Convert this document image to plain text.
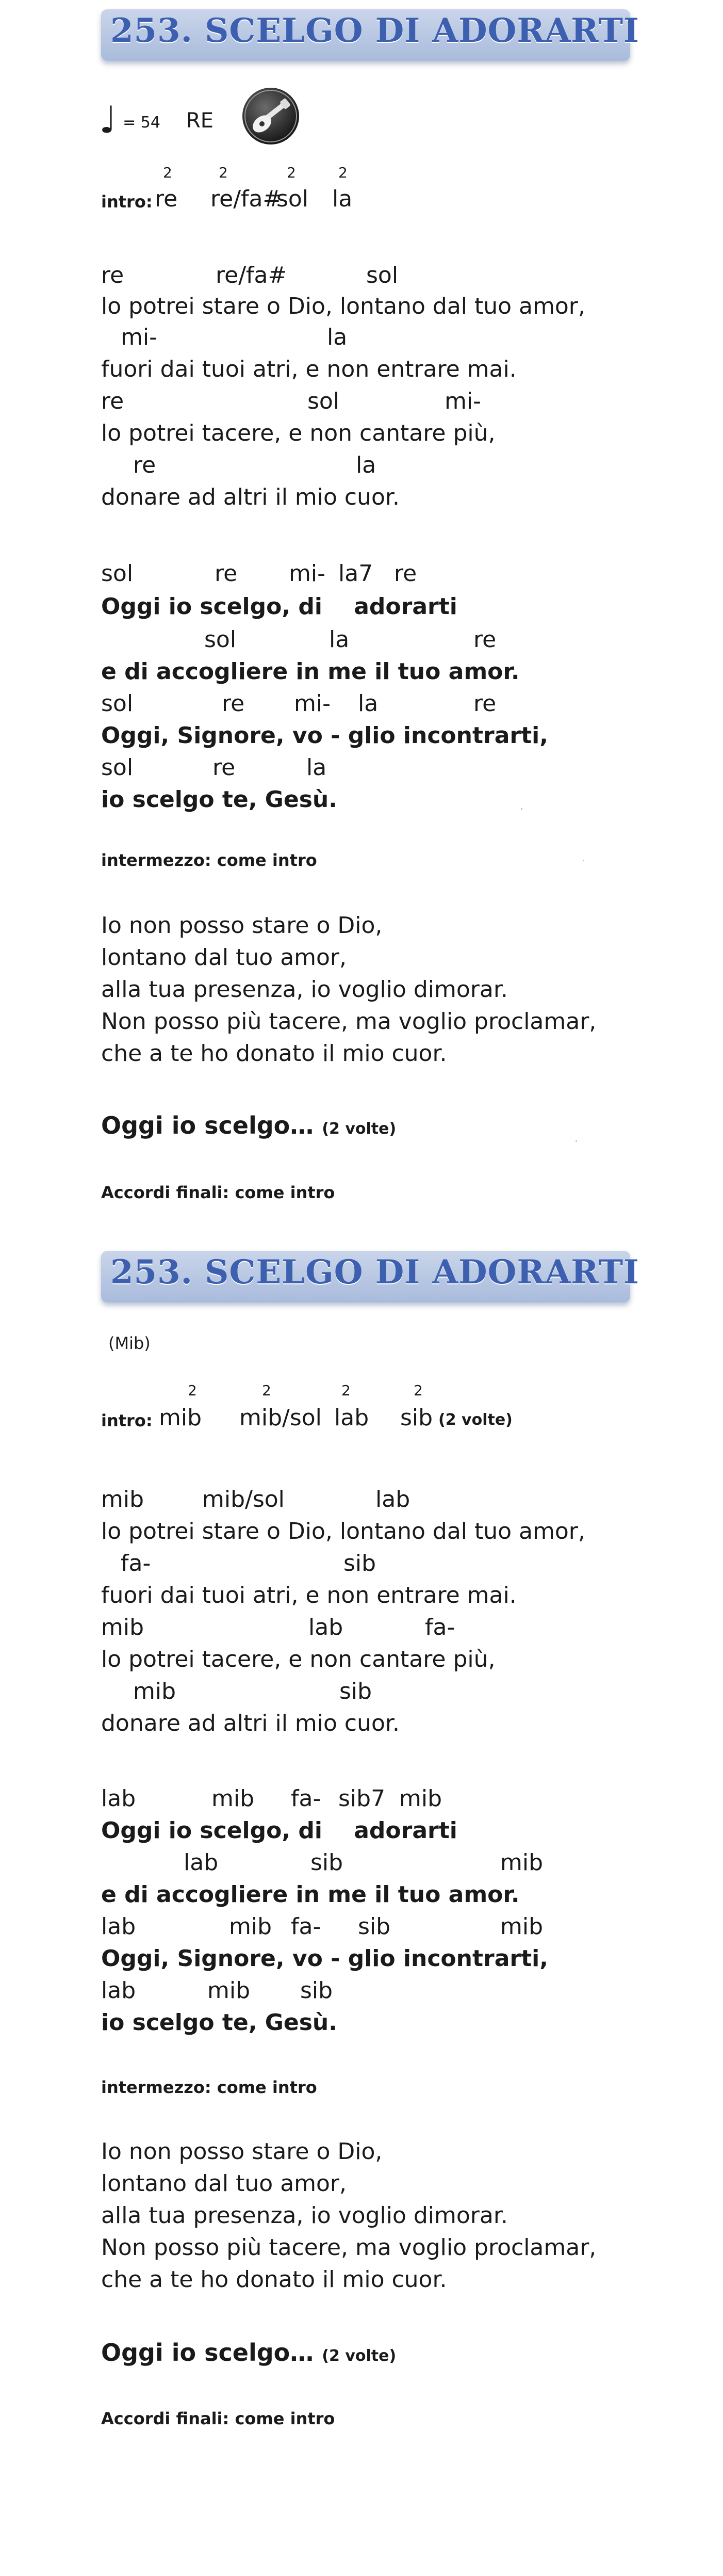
253. SCELGO DI ADORARTI
♩ = 54 RE
2	2	2	2
intro: re re/fa#
sol la
re	re/fa#	sol
lo potrei stare o Dio, lontano dal tuo amor,
mi-	la
fuori dai tuoi atri, e non entrare mai.
re	sol	mi-
lo potrei tacere, e non cantare più,
re	la
donare ad altri il mio cuor.
sol	re mi- la7 re
Oggi io scelgo, di    adorarti
sol	la	re
e di accogliere in me il tuo amor.
sol	re mi- la	re
Oggi, Signore, vo - glio incontrarti,
sol	re	la
io scelgo te, Gesù.
intermezzo: come intro
Io non posso stare o Dio,
lontano dal tuo amor,
alla tua presenza, io voglio dimorar.
Non posso più tacere, ma voglio proclamar,
che a te ho donato il mio cuor.
Oggi io scelgo… (2 volte)
Accordi finali: come intro
253. SCELGO DI ADORARTI
(Mib)
2	2	2	2
intro: mib mib/sol lab sib (2 volte)
mib	mib/sol	lab
lo potrei stare o Dio, lontano dal tuo amor,
fa-	sib
fuori dai tuoi atri, e non entrare mai.
mib	lab	fa-
lo potrei tacere, e non cantare più,
mib	sib
donare ad altri il mio cuor.
lab	mib fa- sib7 mib
Oggi io scelgo, di    adorarti
lab	sib	mib
e di accogliere in me il tuo amor.
lab	mib fa- sib	mib
Oggi, Signore, vo - glio incontrarti,
lab	mib sib
io scelgo te, Gesù.
intermezzo: come intro
Io non posso stare o Dio,
lontano dal tuo amor,
alla tua presenza, io voglio dimorar.
Non posso più tacere, ma voglio proclamar,
che a te ho donato il mio cuor.
Oggi io scelgo… (2 volte)
Accordi finali: come intro
